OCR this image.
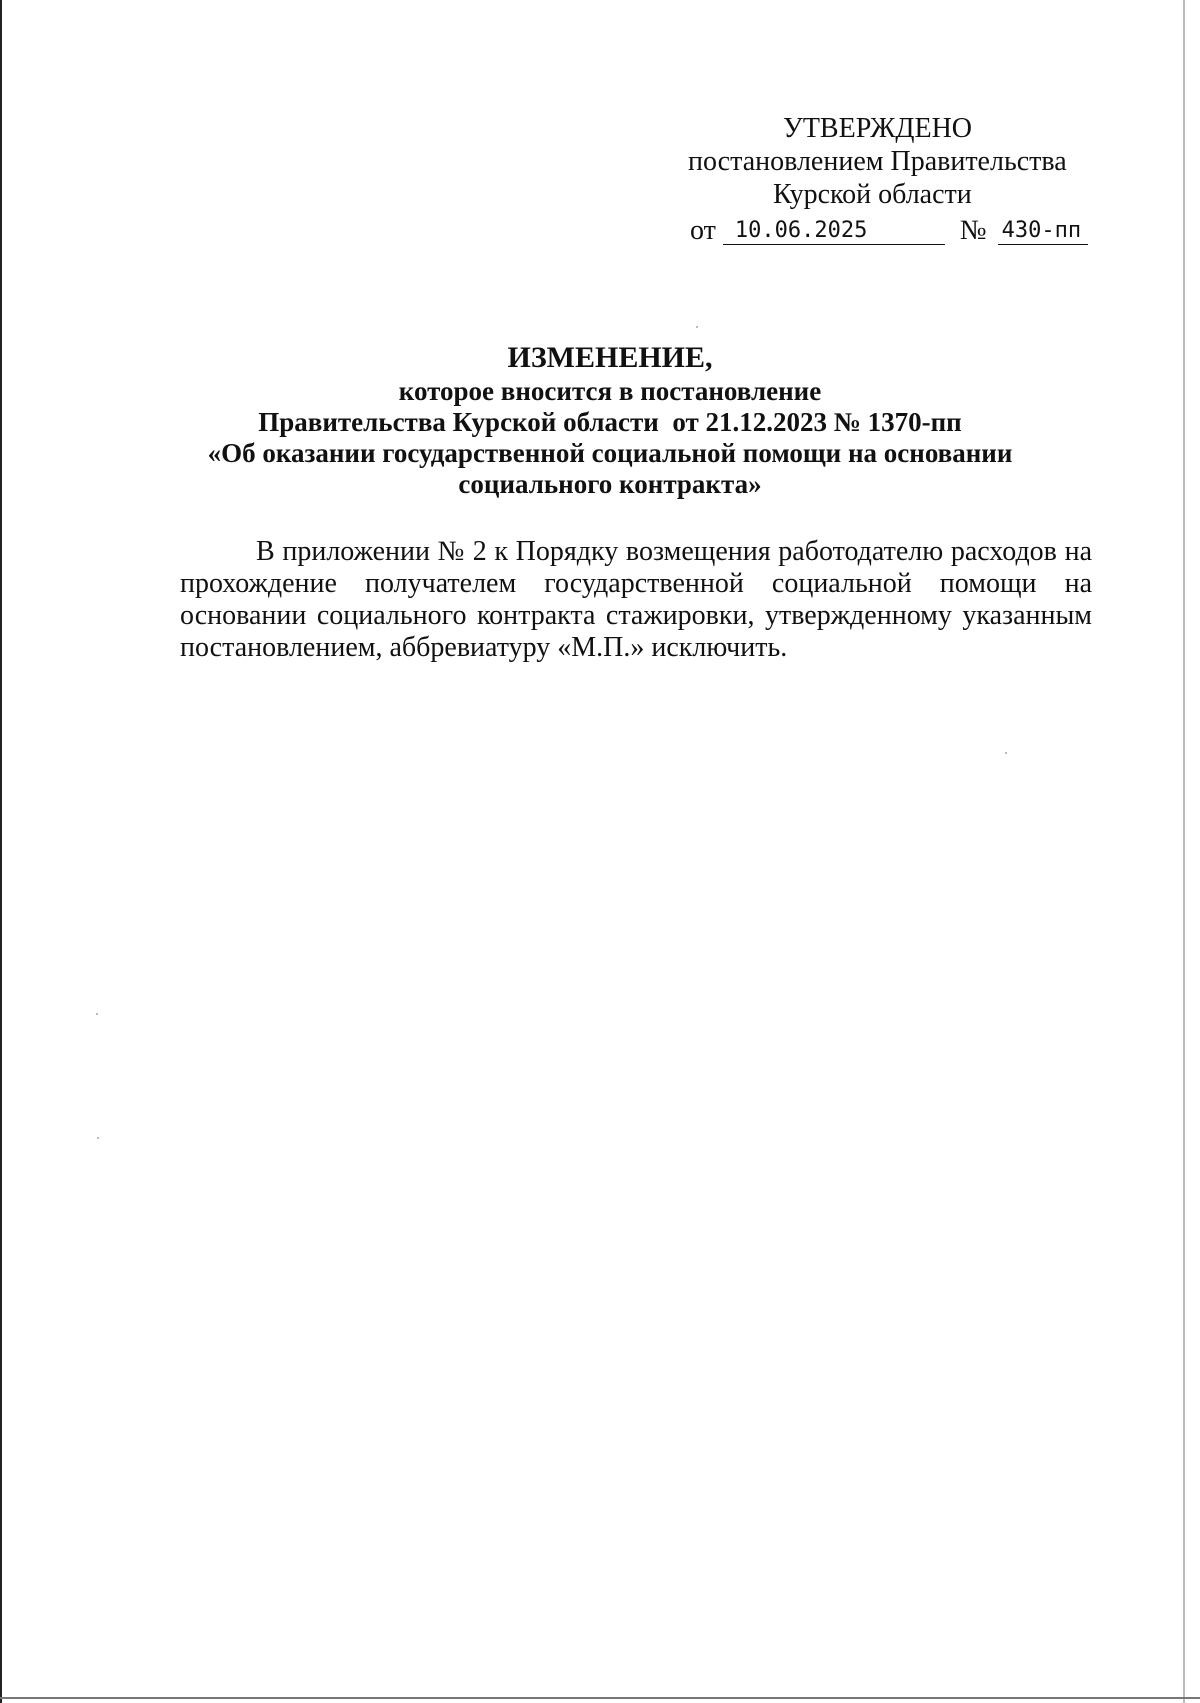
УТВЕРЖДЕНО
постановлением Правительства
Курской области
от 10.06.2025	№ 430-пп
ИЗМЕНЕНИЕ,
которое вносится в постановление
Правительства Курской области  от 21.12.2023 № 1370-пп
«Об оказании государственной социальной помощи на основании
социального контракта»
В приложении № 2 к Порядку возмещения работодателю расходов на прохождение получателем государственной социальной помощи на основании социального контракта стажировки, утвержденному указанным постановлением, аббревиатуру «М.П.» исключить.
